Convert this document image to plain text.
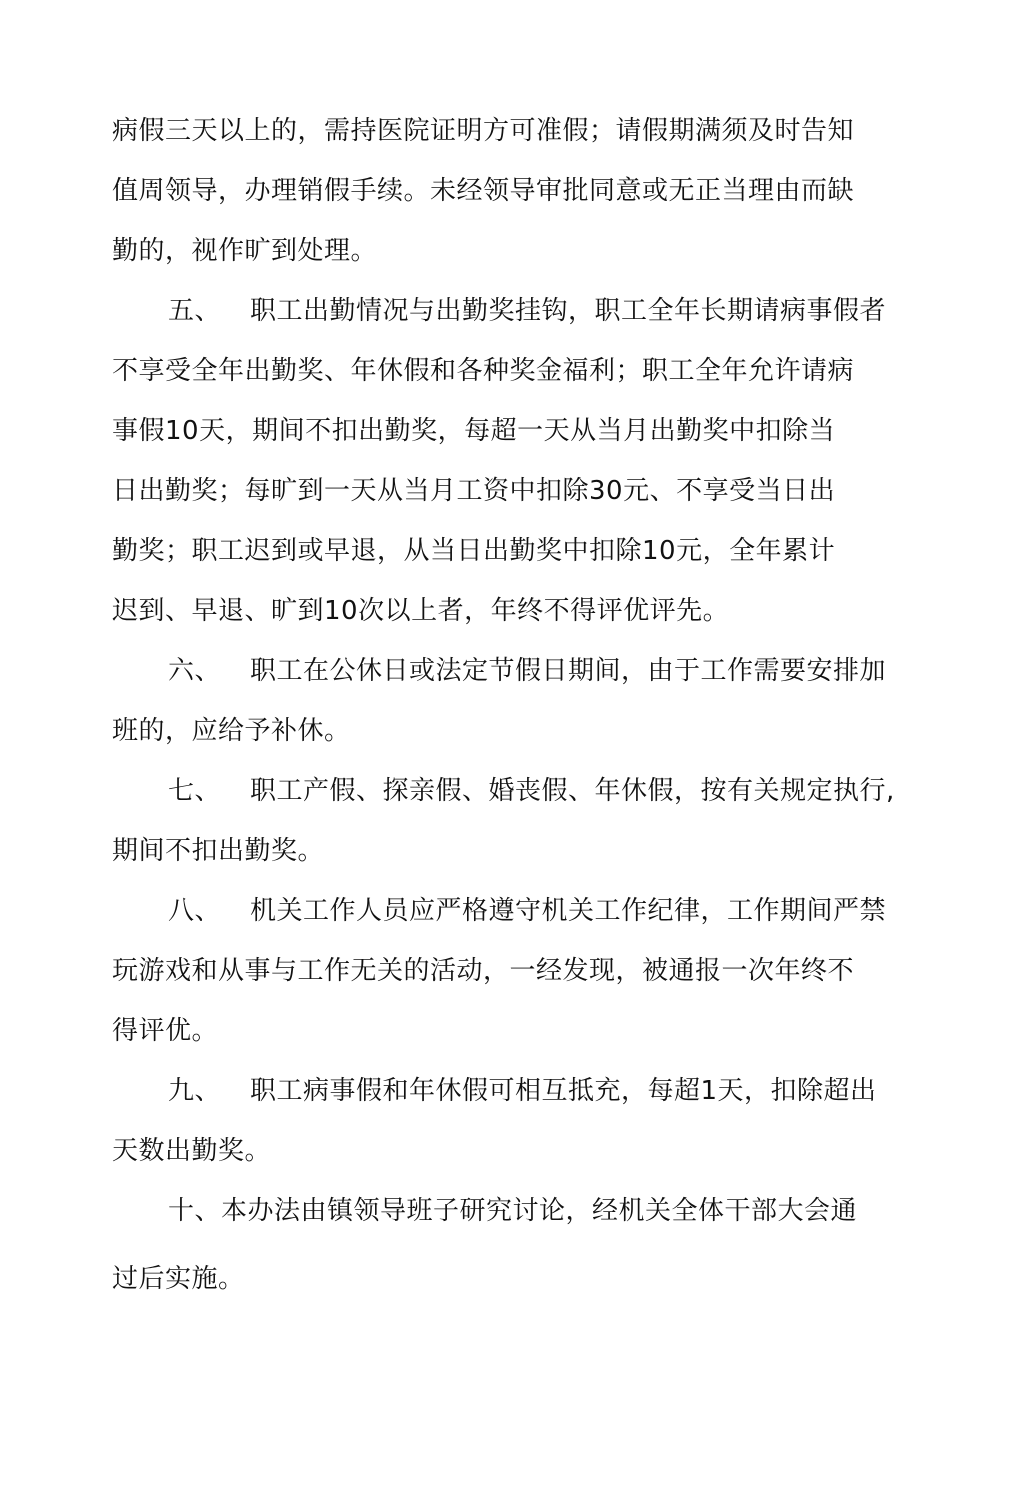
病假三天以上的，需持医院证明方可准假；请假期满须及时告知
值周领导，办理销假手续。未经领导审批同意或无正当理由而缺
勤的，视作旷到处理。
五、 职工出勤情况与出勤奖挂钩，职工全年长期请病事假者
不享受全年出勤奖、年休假和各种奖金福利；职工全年允许请病
事假10天，期间不扣出勤奖，每超一天从当月出勤奖中扣除当
日出勤奖；每旷到一天从当月工资中扣除30元、不享受当日出
勤奖；职工迟到或早退，从当日出勤奖中扣除10元，全年累计
迟到、早退、旷到10次以上者，年终不得评优评先。
六、 职工在公休日或法定节假日期间，由于工作需要安排加
班的，应给予补休。
七、 职工产假、探亲假、婚丧假、年休假，按有关规定执行,
期间不扣出勤奖。
八、 机关工作人员应严格遵守机关工作纪律，工作期间严禁
玩游戏和从事与工作无关的活动，一经发现，被通报一次年终不
得评优。
九、 职工病事假和年休假可相互抵充，每超1天，扣除超出
天数出勤奖。
十、本办法由镇领导班子研究讨论，经机关全体干部大会通
过后实施。
